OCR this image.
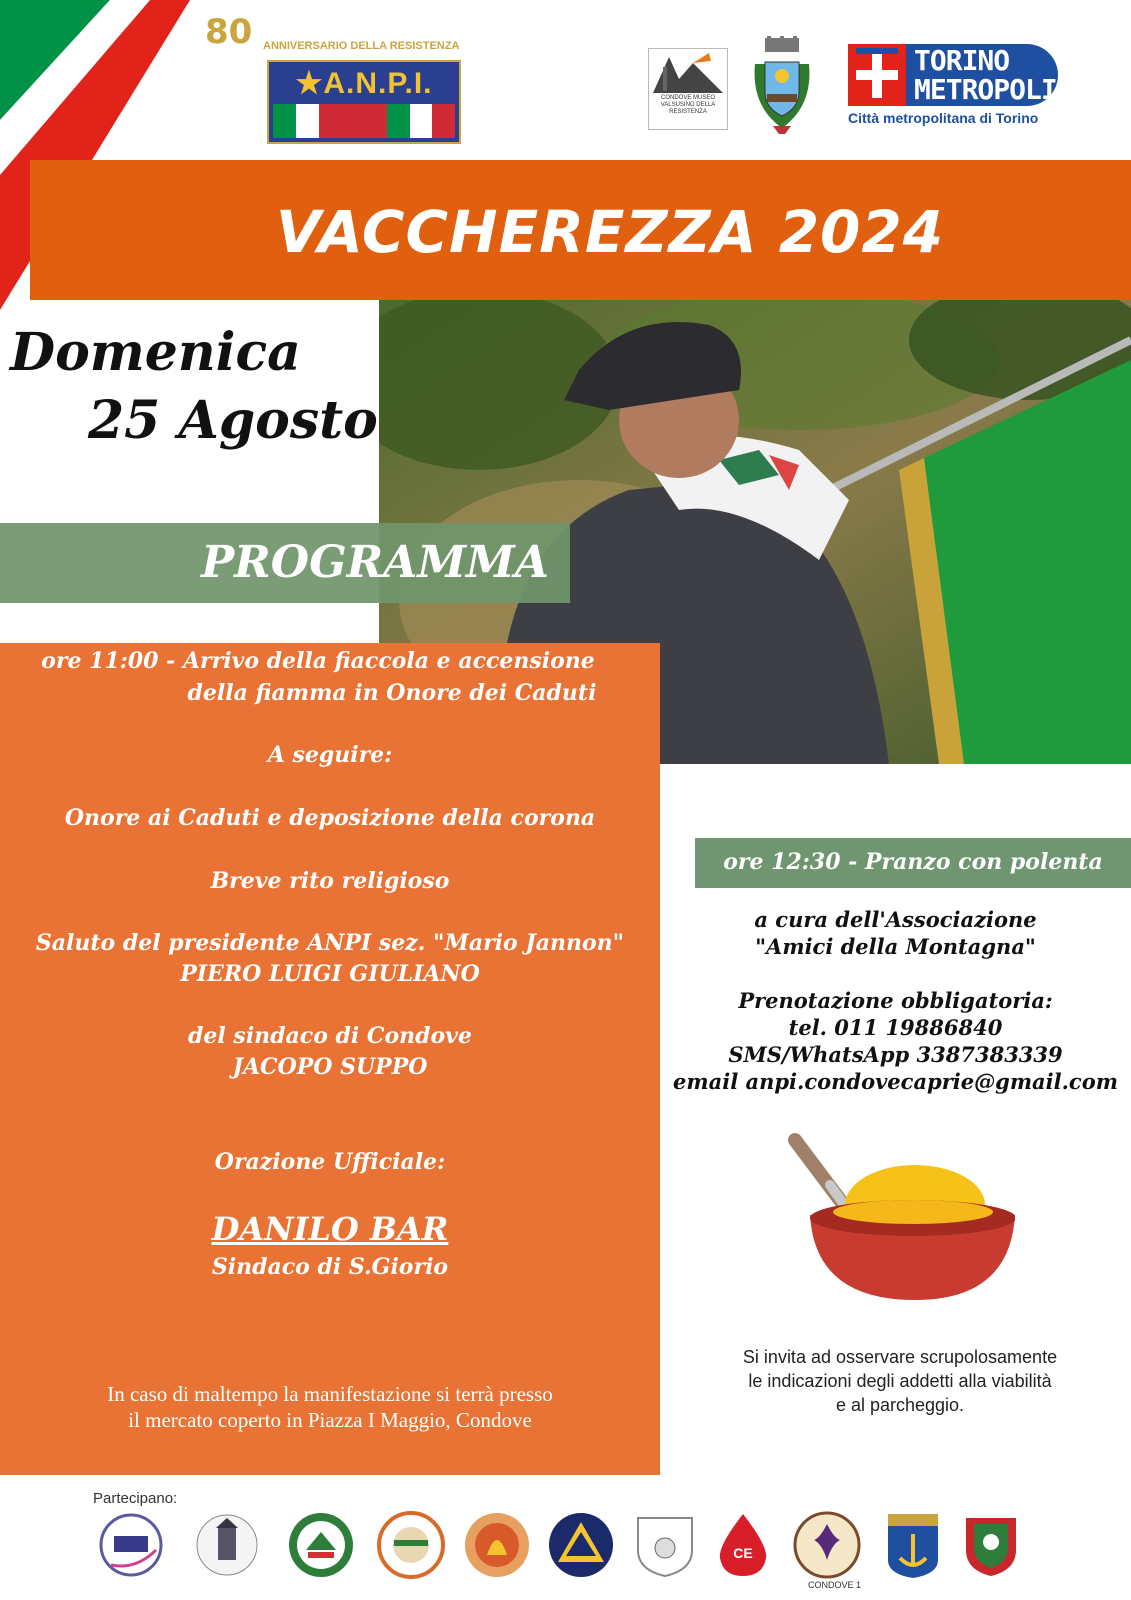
80 ANNIVERSARIO DELLA RESISTENZA
★A.N.P.I.	CONDOVE MUSEO VALSUSINO DELLA RESISTENZA
TORINO
METROPOLI
Città metropolitana di Torino
VACCHEREZZA 2024
Domenica
25 Agosto
PROGRAMMA
ore 11:00 - Arrivo della fiaccola e accensione
della fiamma in Onore dei Caduti
A seguire:
Onore ai Caduti e deposizione della corona
Breve rito religioso
Saluto del presidente ANPI sez. "Mario Jannon"
PIERO LUIGI GIULIANO
del sindaco di Condove
JACOPO SUPPO
Orazione Ufficiale:
DANILO BAR
Sindaco di S.Giorio
In caso di maltempo la manifestazione si terrà presso
il mercato coperto in Piazza I Maggio, Condove
ore 12:30 - Pranzo con polenta
a cura dell'Associazione
"Amici della Montagna"
Prenotazione obbligatoria:
tel. 011 19886840
SMS/WhatsApp 3387383339
email anpi.condovecaprie@gmail.com
Si invita ad osservare scrupolosamente
le indicazioni degli addetti alla viabilità
e al parcheggio.
Partecipano:
CE
CONDOVE 1
